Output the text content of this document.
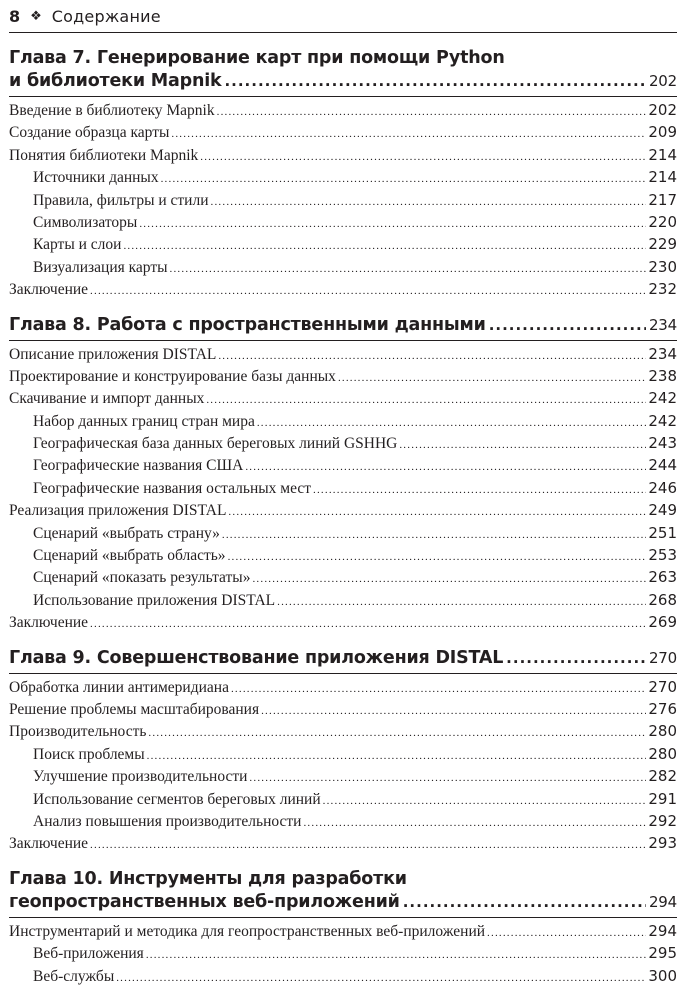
8 ❖ Содержание
Глава 7. Генерирование карт при помощи Python
и библиотеки Mapnik .....	202
Введение в библиотеку Mapnik .....	202
Создание образца карты .....	209
Понятия библиотеки Mapnik .....	214
Источники данных .....	214
Правила, фильтры и стили .....	217
Символизаторы .....	220
Карты и слои .....	229
Визуализация карты .....	230
Заключение .....	232
Глава 8. Работа с пространственными данными .....	234
Описание приложения DISTAL .....	234
Проектирование и конструирование базы данных .....	238
Скачивание и импорт данных .....	242
Набор данных границ стран мира .....	242
Географическая база данных береговых линий GSHHG .....	243
Географические названия США .....	244
Географические названия остальных мест .....	246
Реализация приложения DISTAL .....	249
Сценарий «выбрать страну» .....	251
Сценарий «выбрать область» .....	253
Сценарий «показать результаты» .....	263
Использование приложения DISTAL .....	268
Заключение .....	269
Глава 9. Совершенствование приложения DISTAL .....	270
Обработка линии антимеридиана .....	270
Решение проблемы масштабирования .....	276
Производительность .....	280
Поиск проблемы .....	280
Улучшение производительности .....	282
Использование сегментов береговых линий .....	291
Анализ повышения производительности .....	292
Заключение .....	293
Глава 10. Инструменты для разработки
геопространственных веб-приложений .....	294
Инструментарий и методика для геопространственных веб-приложений .....	294
Веб-приложения .....	295
Веб-службы .....	300
